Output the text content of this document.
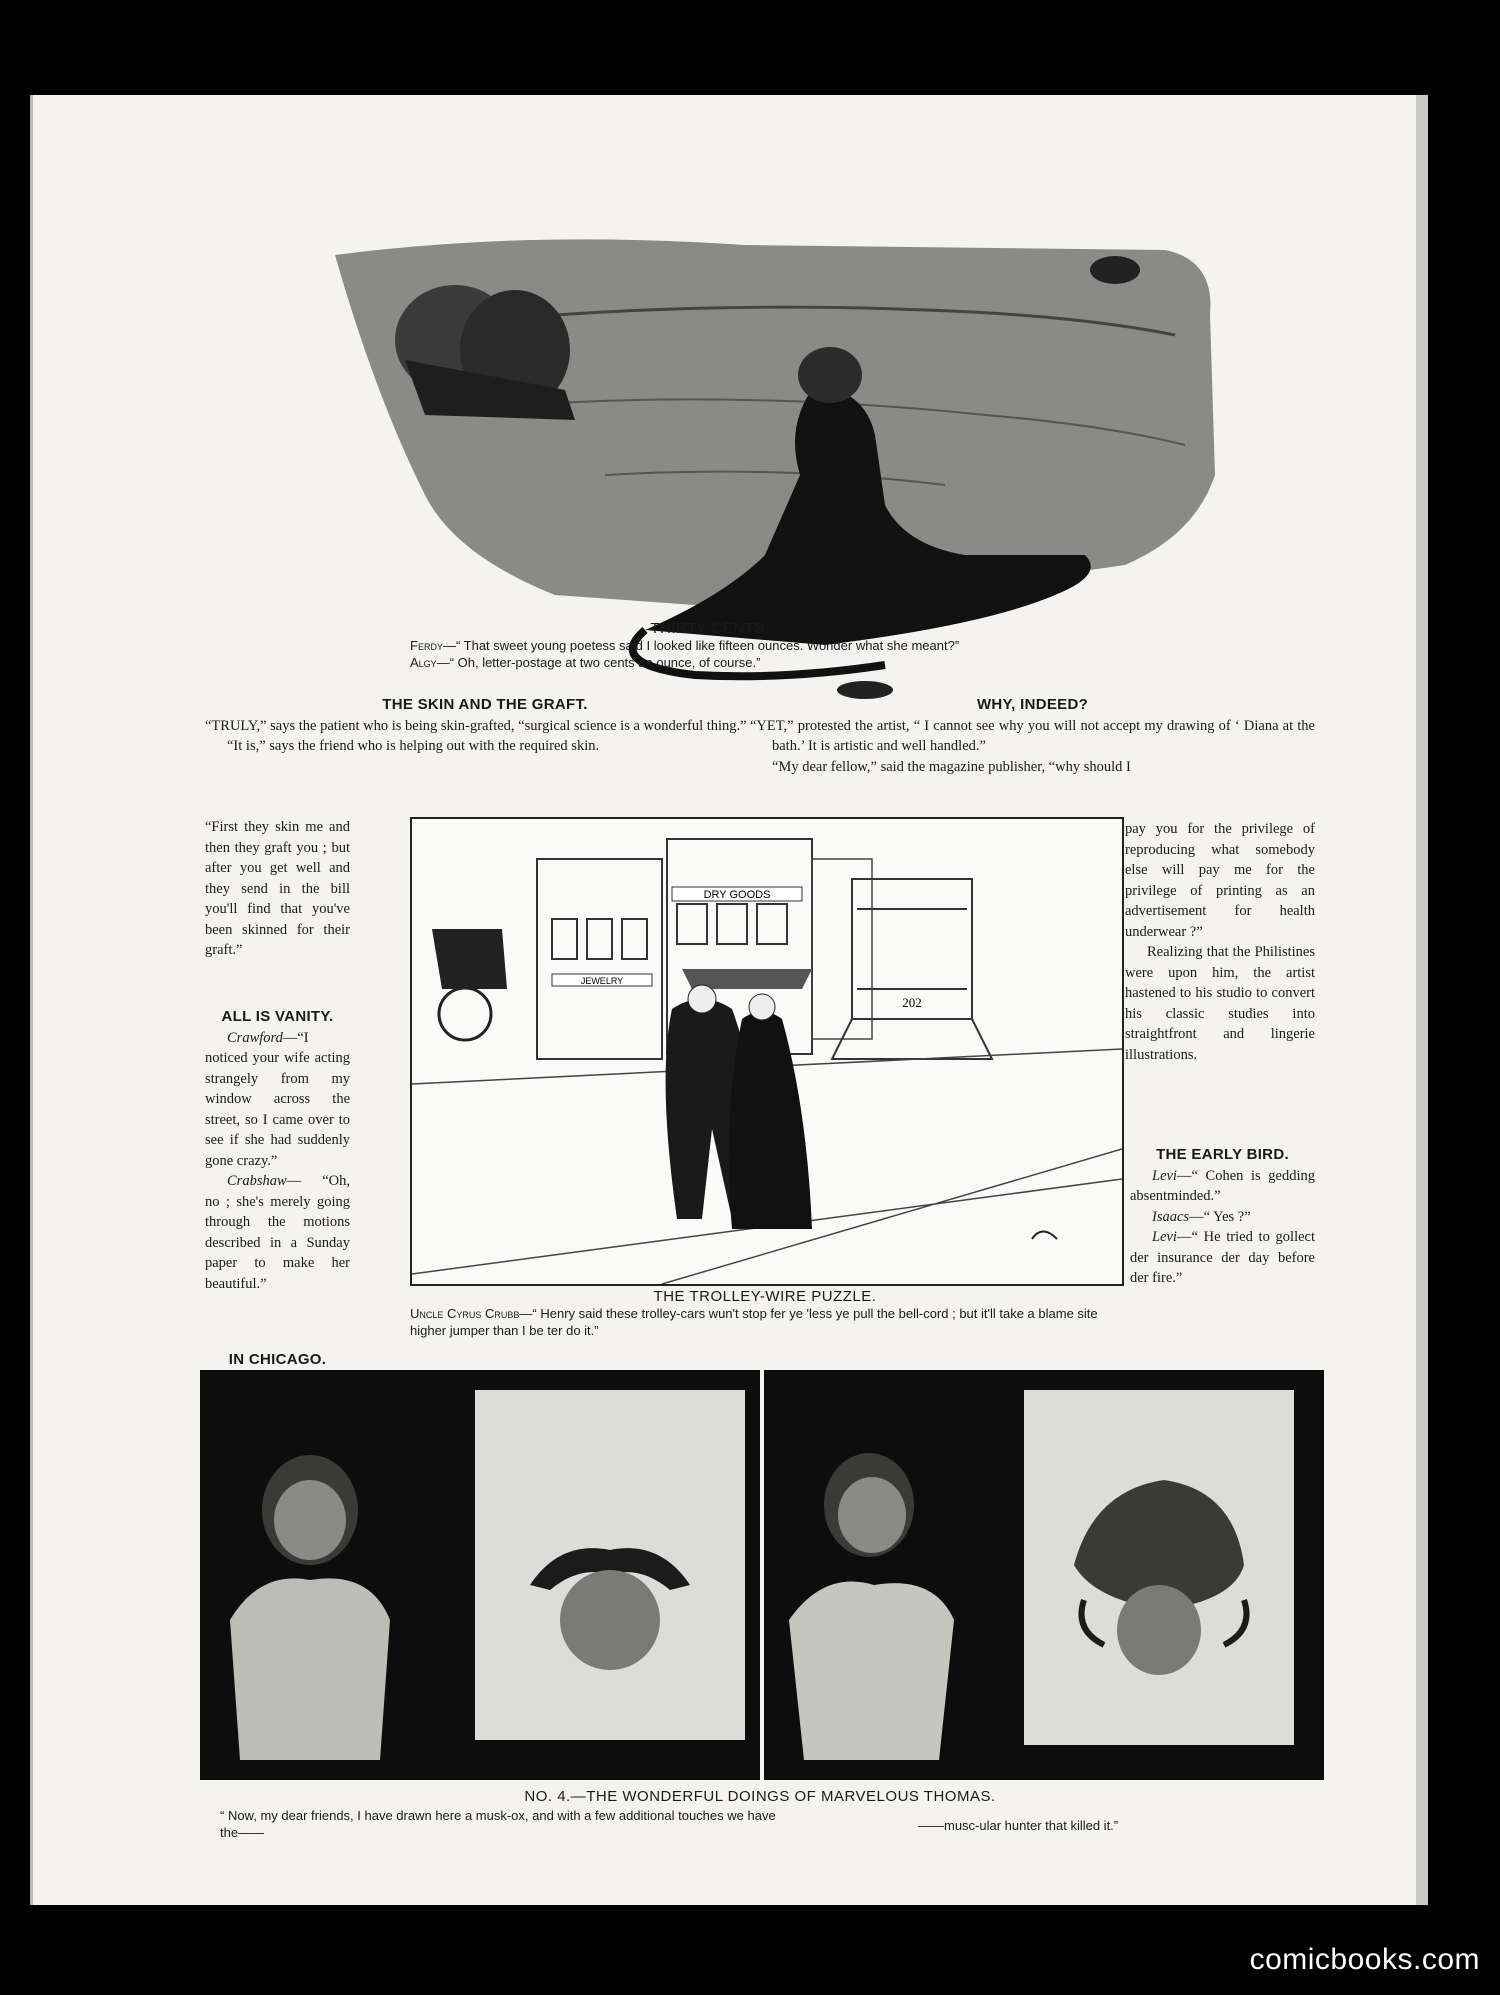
THIRTY CENTS.
Ferdy—“ That sweet young poetess said I looked like fifteen ounces. Wonder what she meant?”
Algy—“ Oh, letter-postage at two cents an ounce, of course.”
THE SKIN AND THE GRAFT.

“TRULY,” says the patient who is being skin-grafted, “surgical science is a wonderful thing.”

“It is,” says the friend who is helping out with the required skin.

“First they skin me and then they graft you ; but after you get well and they send in the bill you'll find that you've been skinned for their graft.”

ALL IS VANITY.

Crawford—“I noticed your wife acting strangely from my window across the street, so I came over to see if she had suddenly gone crazy.”

Crabshaw— “Oh, no ; she's merely going through the motions described in a Sunday paper to make her beautiful.”

IN CHICAGO.

WHY, INDEED?

“YET,” protested the artist, “ I cannot see why you will not accept my drawing of ‘ Diana at the bath.’ It is artistic and well handled.”

“My dear fellow,” said the magazine publisher, “why should I

pay you for the privilege of reproducing what somebody else will pay me for the privilege of printing as an advertisement for health underwear ?”

Realizing that the Philistines were upon him, the artist hastened to his studio to convert his classic studies into straightfront and lingerie illustrations.

THE EARLY BIRD.

Levi—“ Cohen is gedding absentminded.”

Isaacs—“ Yes ?”

Levi—“ He tried to gollect der insurance der day before der fire.”

DRY GOODS
JEWELRY
202
THE TROLLEY-WIRE PUZZLE.
Uncle Cyrus Crubb—“ Henry said these trolley-cars wun't stop fer ye 'less ye pull the bell-cord ; but it'll take a blame site higher jumper than I be ter do it.”
NO. 4.—THE WONDERFUL DOINGS OF MARVELOUS THOMAS.
“ Now, my dear friends, I have drawn here a musk-ox, and with a few additional touches we have the——	——musc-ular hunter that killed it.”
comicbooks.com
